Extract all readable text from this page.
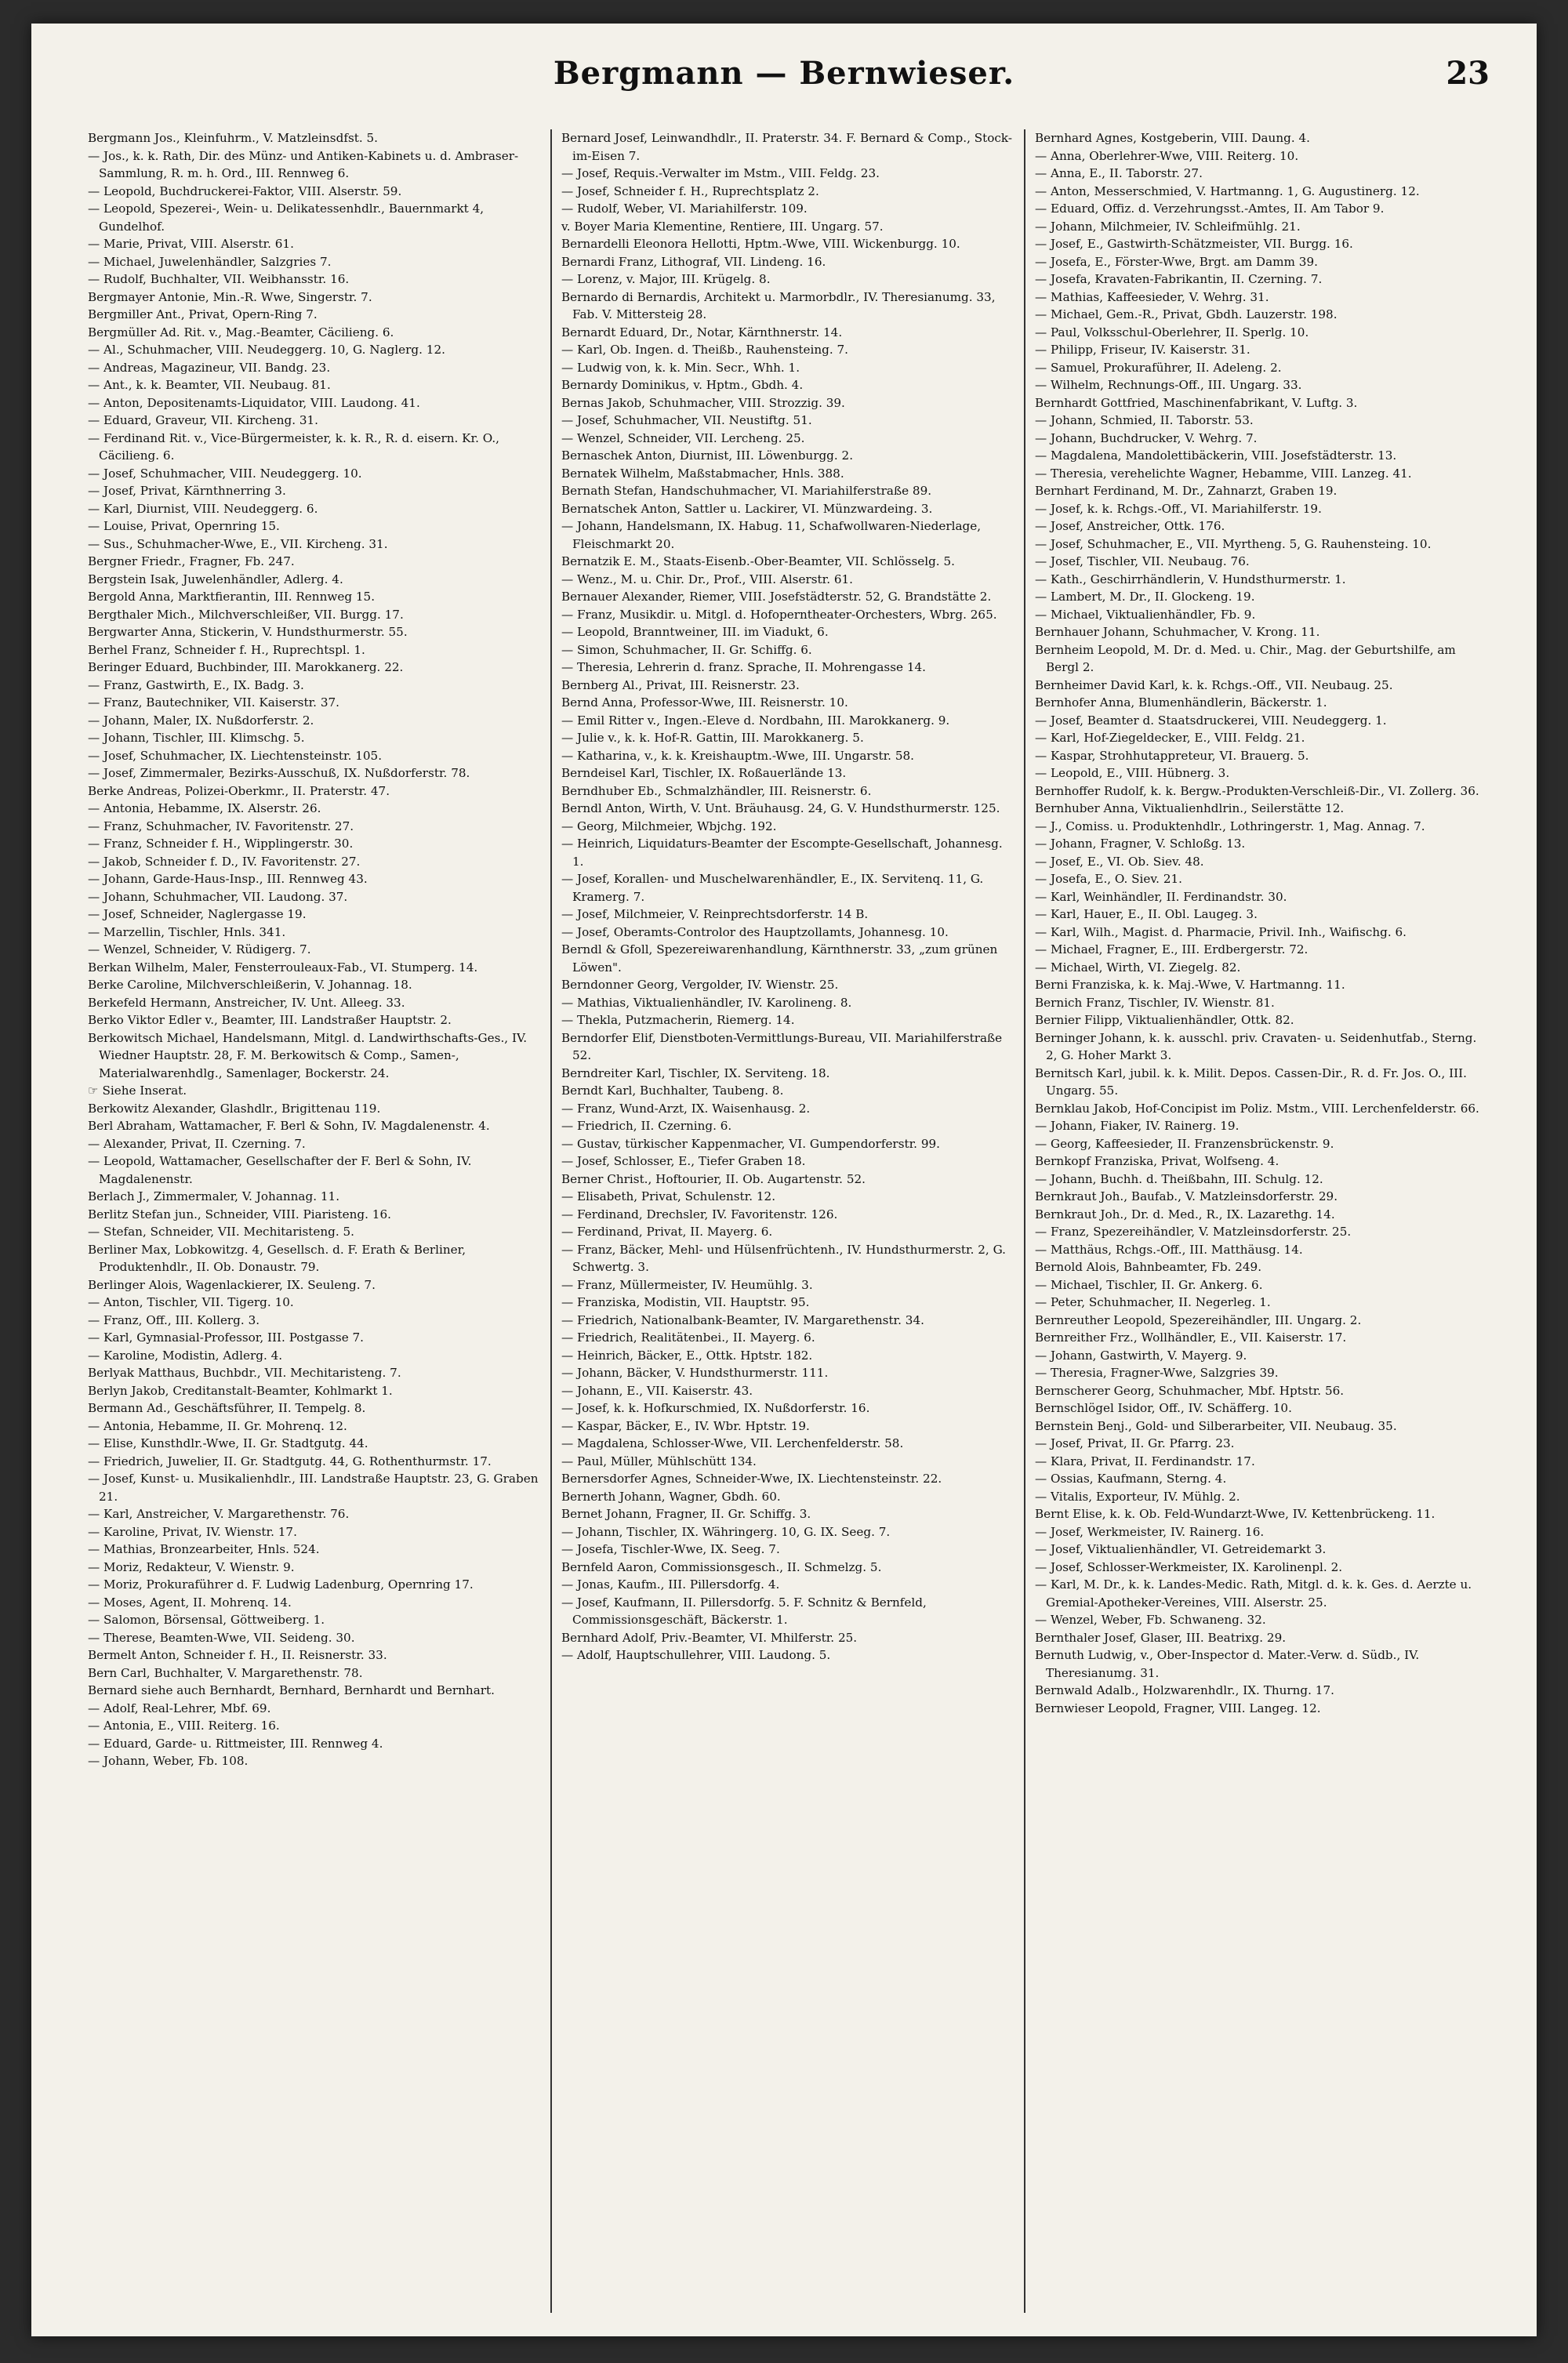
Bergmann — Bernwieser.	23
Bergmann Jos., Kleinfuhrm., V. Matzleinsdfst. 5.
— Jos., k. k. Rath, Dir. des Münz- und Antiken-Kabinets u. d. Ambraser-Sammlung, R. m. h. Ord., III. Rennweg 6.
— Leopold, Buchdruckerei-Faktor, VIII. Alserstr. 59.
— Leopold, Spezerei-, Wein- u. Delikatessenhdlr., Bauernmarkt 4, Gundelhof.
— Marie, Privat, VIII. Alserstr. 61.
— Michael, Juwelenhändler, Salzgries 7.
— Rudolf, Buchhalter, VII. Weibhansstr. 16.
Bergmayer Antonie, Min.-R. Wwe, Singerstr. 7.
Bergmiller Ant., Privat, Opern-Ring 7.
Bergmüller Ad. Rit. v., Mag.-Beamter, Cäcilieng. 6.
— Al., Schuhmacher, VIII. Neudeggerg. 10, G. Naglerg. 12.
— Andreas, Magazineur, VII. Bandg. 23.
— Ant., k. k. Beamter, VII. Neubaug. 81.
— Anton, Depositenamts-Liquidator, VIII. Laudong. 41.
— Eduard, Graveur, VII. Kircheng. 31.
— Ferdinand Rit. v., Vice-Bürgermeister, k. k. R., R. d. eisern. Kr. O., Cäcilieng. 6.
— Josef, Schuhmacher, VIII. Neudeggerg. 10.
— Josef, Privat, Kärnthnerring 3.
— Karl, Diurnist, VIII. Neudeggerg. 6.
— Louise, Privat, Opernring 15.
— Sus., Schuhmacher-Wwe, E., VII. Kircheng. 31.
Bergner Friedr., Fragner, Fb. 247.
Bergstein Isak, Juwelenhändler, Adlerg. 4.
Bergold Anna, Marktfierantin, III. Rennweg 15.
Bergthaler Mich., Milchverschleißer, VII. Burgg. 17.
Bergwarter Anna, Stickerin, V. Hundsthurmerstr. 55.
Berhel Franz, Schneider f. H., Ruprechtspl. 1.
Beringer Eduard, Buchbinder, III. Marokkanerg. 22.
— Franz, Gastwirth, E., IX. Badg. 3.
— Franz, Bautechniker, VII. Kaiserstr. 37.
— Johann, Maler, IX. Nußdorferstr. 2.
— Johann, Tischler, III. Klimschg. 5.
— Josef, Schuhmacher, IX. Liechtensteinstr. 105.
— Josef, Zimmermaler, Bezirks-Ausschuß, IX. Nußdorferstr. 78.
Berke Andreas, Polizei-Oberkmr., II. Praterstr. 47.
— Antonia, Hebamme, IX. Alserstr. 26.
— Franz, Schuhmacher, IV. Favoritenstr. 27.
— Franz, Schneider f. H., Wipplingerstr. 30.
— Jakob, Schneider f. D., IV. Favoritenstr. 27.
— Johann, Garde-Haus-Insp., III. Rennweg 43.
— Johann, Schuhmacher, VII. Laudong. 37.
— Josef, Schneider, Naglergasse 19.
— Marzellin, Tischler, Hnls. 341.
— Wenzel, Schneider, V. Rüdigerg. 7.
Berkan Wilhelm, Maler, Fensterrouleaux-Fab., VI. Stumperg. 14.
Berke Caroline, Milchverschleißerin, V. Johannag. 18.
Berkefeld Hermann, Anstreicher, IV. Unt. Alleeg. 33.
Berko Viktor Edler v., Beamter, III. Landstraßer Hauptstr. 2.
Berkowitsch Michael, Handelsmann, Mitgl. d. Landwirthschafts-Ges., IV. Wiedner Hauptstr. 28, F. M. Berkowitsch & Comp., Samen-, Materialwarenhdlg., Samenlager, Bockerstr. 24.
☞ Siehe Inserat.
Berkowitz Alexander, Glashdlr., Brigittenau 119.
Berl Abraham, Wattamacher, F. Berl & Sohn, IV. Magdalenenstr. 4.
— Alexander, Privat, II. Czerning. 7.
— Leopold, Wattamacher, Gesellschafter der F. Berl & Sohn, IV. Magdalenenstr.
Berlach J., Zimmermaler, V. Johannag. 11.
Berlitz Stefan jun., Schneider, VIII. Piaristeng. 16.
— Stefan, Schneider, VII. Mechitaristeng. 5.
Berliner Max, Lobkowitzg. 4, Gesellsch. d. F. Erath & Berliner, Produktenhdlr., II. Ob. Donaustr. 79.
Berlinger Alois, Wagenlackierer, IX. Seuleng. 7.
— Anton, Tischler, VII. Tigerg. 10.
— Franz, Off., III. Kollerg. 3.
— Karl, Gymnasial-Professor, III. Postgasse 7.
— Karoline, Modistin, Adlerg. 4.
Berlyak Matthaus, Buchbdr., VII. Mechitaristeng. 7.
Berlyn Jakob, Creditanstalt-Beamter, Kohlmarkt 1.
Bermann Ad., Geschäftsführer, II. Tempelg. 8.
— Antonia, Hebamme, II. Gr. Mohrenq. 12.
— Elise, Kunsthdlr.-Wwe, II. Gr. Stadtgutg. 44.
— Friedrich, Juwelier, II. Gr. Stadtgutg. 44, G. Rothenthurmstr. 17.
— Josef, Kunst- u. Musikalienhdlr., III. Landstraße Hauptstr. 23, G. Graben 21.
— Karl, Anstreicher, V. Margarethenstr. 76.
— Karoline, Privat, IV. Wienstr. 17.
— Mathias, Bronzearbeiter, Hnls. 524.
— Moriz, Redakteur, V. Wienstr. 9.
— Moriz, Prokuraführer d. F. Ludwig Ladenburg, Opernring 17.
— Moses, Agent, II. Mohrenq. 14.
— Salomon, Börsensal, Göttweiberg. 1.
— Therese, Beamten-Wwe, VII. Seideng. 30.
Bermelt Anton, Schneider f. H., II. Reisnerstr. 33.
Bern Carl, Buchhalter, V. Margarethenstr. 78.
Bernard siehe auch Bernhardt, Bernhard, Bernhardt und Bernhart.
— Adolf, Real-Lehrer, Mbf. 69.
— Antonia, E., VIII. Reiterg. 16.
— Eduard, Garde- u. Rittmeister, III. Rennweg 4.
— Johann, Weber, Fb. 108.
Bernard Josef, Leinwandhdlr., II. Praterstr. 34. F. Bernard & Comp., Stock-im-Eisen 7.
— Josef, Requis.-Verwalter im Mstm., VIII. Feldg. 23.
— Josef, Schneider f. H., Ruprechtsplatz 2.
— Rudolf, Weber, VI. Mariahilferstr. 109.
v. Boyer Maria Klementine, Rentiere, III. Ungarg. 57.
Bernardelli Eleonora Hellotti, Hptm.-Wwe, VIII. Wickenburgg. 10.
Bernardi Franz, Lithograf, VII. Lindeng. 16.
— Lorenz, v. Major, III. Krügelg. 8.
Bernardo di Bernardis, Architekt u. Marmorbdlr., IV. Theresianumg. 33, Fab. V. Mittersteig 28.
Bernardt Eduard, Dr., Notar, Kärnthnerstr. 14.
— Karl, Ob. Ingen. d. Theißb., Rauhensteing. 7.
— Ludwig von, k. k. Min. Secr., Whh. 1.
Bernardy Dominikus, v. Hptm., Gbdh. 4.
Bernas Jakob, Schuhmacher, VIII. Strozzig. 39.
— Josef, Schuhmacher, VII. Neustiftg. 51.
— Wenzel, Schneider, VII. Lercheng. 25.
Bernaschek Anton, Diurnist, III. Löwenburgg. 2.
Bernatek Wilhelm, Maßstabmacher, Hnls. 388.
Bernath Stefan, Handschuhmacher, VI. Mariahilferstraße 89.
Bernatschek Anton, Sattler u. Lackirer, VI. Münzwardeing. 3.
— Johann, Handelsmann, IX. Habug. 11, Schafwollwaren-Niederlage, Fleischmarkt 20.
Bernatzik E. M., Staats-Eisenb.-Ober-Beamter, VII. Schlösselg. 5.
— Wenz., M. u. Chir. Dr., Prof., VIII. Alserstr. 61.
Bernauer Alexander, Riemer, VIII. Josefstädterstr. 52, G. Brandstätte 2.
— Franz, Musikdir. u. Mitgl. d. Hofoperntheater-Orchesters, Wbrg. 265.
— Leopold, Branntweiner, III. im Viadukt, 6.
— Simon, Schuhmacher, II. Gr. Schiffg. 6.
— Theresia, Lehrerin d. franz. Sprache, II. Mohrengasse 14.
Bernberg Al., Privat, III. Reisnerstr. 23.
Bernd Anna, Professor-Wwe, III. Reisnerstr. 10.
— Emil Ritter v., Ingen.-Eleve d. Nordbahn, III. Marokkanerg. 9.
— Julie v., k. k. Hof-R. Gattin, III. Marokkanerg. 5.
— Katharina, v., k. k. Kreishauptm.-Wwe, III. Ungarstr. 58.
Berndeisel Karl, Tischler, IX. Roßauerlände 13.
Berndhuber Eb., Schmalzhändler, III. Reisnerstr. 6.
Berndl Anton, Wirth, V. Unt. Bräuhausg. 24, G. V. Hundsthurmerstr. 125.
— Georg, Milchmeier, Wbjchg. 192.
— Heinrich, Liquidaturs-Beamter der Escompte-Gesellschaft, Johannesg. 1.
— Josef, Korallen- und Muschelwarenhändler, E., IX. Servitenq. 11, G. Kramerg. 7.
— Josef, Milchmeier, V. Reinprechtsdorferstr. 14 B.
— Josef, Oberamts-Controlor des Hauptzollamts, Johannesg. 10.
Berndl & Gfoll, Spezereiwarenhandlung, Kärnthnerstr. 33, „zum grünen Löwen".
Berndonner Georg, Vergolder, IV. Wienstr. 25.
— Mathias, Viktualienhändler, IV. Karolineng. 8.
— Thekla, Putzmacherin, Riemerg. 14.
Berndorfer Elif, Dienstboten-Vermittlungs-Bureau, VII. Mariahilferstraße 52.
Berndreiter Karl, Tischler, IX. Serviteng. 18.
Berndt Karl, Buchhalter, Taubeng. 8.
— Franz, Wund-Arzt, IX. Waisenhausg. 2.
— Friedrich, II. Czerning. 6.
— Gustav, türkischer Kappenmacher, VI. Gumpendorferstr. 99.
— Josef, Schlosser, E., Tiefer Graben 18.
Berner Christ., Hoftourier, II. Ob. Augartenstr. 52.
— Elisabeth, Privat, Schulenstr. 12.
— Ferdinand, Drechsler, IV. Favoritenstr. 126.
— Ferdinand, Privat, II. Mayerg. 6.
— Franz, Bäcker, Mehl- und Hülsenfrüchtenh., IV. Hundsthurmerstr. 2, G. Schwertg. 3.
— Franz, Müllermeister, IV. Heumühlg. 3.
— Franziska, Modistin, VII. Hauptstr. 95.
— Friedrich, Nationalbank-Beamter, IV. Margarethenstr. 34.
— Friedrich, Realitätenbei., II. Mayerg. 6.
— Heinrich, Bäcker, E., Ottk. Hptstr. 182.
— Johann, Bäcker, V. Hundsthurmerstr. 111.
— Johann, E., VII. Kaiserstr. 43.
— Josef, k. k. Hofkurschmied, IX. Nußdorferstr. 16.
— Kaspar, Bäcker, E., IV. Wbr. Hptstr. 19.
— Magdalena, Schlosser-Wwe, VII. Lerchenfelderstr. 58.
— Paul, Müller, Mühlschütt 134.
Bernersdorfer Agnes, Schneider-Wwe, IX. Liechtensteinstr. 22.
Bernerth Johann, Wagner, Gbdh. 60.
Bernet Johann, Fragner, II. Gr. Schiffg. 3.
— Johann, Tischler, IX. Währingerg. 10, G. IX. Seeg. 7.
— Josefa, Tischler-Wwe, IX. Seeg. 7.
Bernfeld Aaron, Commissionsgesch., II. Schmelzg. 5.
— Jonas, Kaufm., III. Pillersdorfg. 4.
— Josef, Kaufmann, II. Pillersdorfg. 5. F. Schnitz & Bernfeld, Commissionsgeschäft, Bäckerstr. 1.
Bernhard Adolf, Priv.-Beamter, VI. Mhilferstr. 25.
— Adolf, Hauptschullehrer, VIII. Laudong. 5.
Bernhard Agnes, Kostgeberin, VIII. Daung. 4.
— Anna, Oberlehrer-Wwe, VIII. Reiterg. 10.
— Anna, E., II. Taborstr. 27.
— Anton, Messerschmied, V. Hartmanng. 1, G. Augustinerg. 12.
— Eduard, Offiz. d. Verzehrungsst.-Amtes, II. Am Tabor 9.
— Johann, Milchmeier, IV. Schleifmühlg. 21.
— Josef, E., Gastwirth-Schätzmeister, VII. Burgg. 16.
— Josefa, E., Förster-Wwe, Brgt. am Damm 39.
— Josefa, Kravaten-Fabrikantin, II. Czerning. 7.
— Mathias, Kaffeesieder, V. Wehrg. 31.
— Michael, Gem.-R., Privat, Gbdh. Lauzerstr. 198.
— Paul, Volksschul-Oberlehrer, II. Sperlg. 10.
— Philipp, Friseur, IV. Kaiserstr. 31.
— Samuel, Prokuraführer, II. Adeleng. 2.
— Wilhelm, Rechnungs-Off., III. Ungarg. 33.
Bernhardt Gottfried, Maschinenfabrikant, V. Luftg. 3.
— Johann, Schmied, II. Taborstr. 53.
— Johann, Buchdrucker, V. Wehrg. 7.
— Magdalena, Mandolettibäckerin, VIII. Josefstädterstr. 13.
— Theresia, verehelichte Wagner, Hebamme, VIII. Lanzeg. 41.
Bernhart Ferdinand, M. Dr., Zahnarzt, Graben 19.
— Josef, k. k. Rchgs.-Off., VI. Mariahilferstr. 19.
— Josef, Anstreicher, Ottk. 176.
— Josef, Schuhmacher, E., VII. Myrtheng. 5, G. Rauhensteing. 10.
— Josef, Tischler, VII. Neubaug. 76.
— Kath., Geschirrhändlerin, V. Hundsthurmerstr. 1.
— Lambert, M. Dr., II. Glockeng. 19.
— Michael, Viktualienhändler, Fb. 9.
Bernhauer Johann, Schuhmacher, V. Krong. 11.
Bernheim Leopold, M. Dr. d. Med. u. Chir., Mag. der Geburtshilfe, am Bergl 2.
Bernheimer David Karl, k. k. Rchgs.-Off., VII. Neubaug. 25.
Bernhofer Anna, Blumenhändlerin, Bäckerstr. 1.
— Josef, Beamter d. Staatsdruckerei, VIII. Neudeggerg. 1.
— Karl, Hof-Ziegeldecker, E., VIII. Feldg. 21.
— Kaspar, Strohhutappreteur, VI. Brauerg. 5.
— Leopold, E., VIII. Hübnerg. 3.
Bernhoffer Rudolf, k. k. Bergw.-Produkten-Verschleiß-Dir., VI. Zollerg. 36.
Bernhuber Anna, Viktualienhdlrin., Seilerstätte 12.
— J., Comiss. u. Produktenhdlr., Lothringerstr. 1, Mag. Annag. 7.
— Johann, Fragner, V. Schloßg. 13.
— Josef, E., VI. Ob. Siev. 48.
— Josefa, E., O. Siev. 21.
— Karl, Weinhändler, II. Ferdinandstr. 30.
— Karl, Hauer, E., II. Obl. Laugeg. 3.
— Karl, Wilh., Magist. d. Pharmacie, Privil. Inh., Waifischg. 6.
— Michael, Fragner, E., III. Erdbergerstr. 72.
— Michael, Wirth, VI. Ziegelg. 82.
Berni Franziska, k. k. Maj.-Wwe, V. Hartmanng. 11.
Bernich Franz, Tischler, IV. Wienstr. 81.
Bernier Filipp, Viktualienhändler, Ottk. 82.
Berninger Johann, k. k. ausschl. priv. Cravaten- u. Seidenhutfab., Sterng. 2, G. Hoher Markt 3.
Bernitsch Karl, jubil. k. k. Milit. Depos. Cassen-Dir., R. d. Fr. Jos. O., III. Ungarg. 55.
Bernklau Jakob, Hof-Concipist im Poliz. Mstm., VIII. Lerchenfelderstr. 66.
— Johann, Fiaker, IV. Rainerg. 19.
— Georg, Kaffeesieder, II. Franzensbrückenstr. 9.
Bernkopf Franziska, Privat, Wolfseng. 4.
— Johann, Buchh. d. Theißbahn, III. Schulg. 12.
Bernkraut Joh., Baufab., V. Matzleinsdorferstr. 29.
Bernkraut Joh., Dr. d. Med., R., IX. Lazarethg. 14.
— Franz, Spezereihändler, V. Matzleinsdorferstr. 25.
— Matthäus, Rchgs.-Off., III. Matthäusg. 14.
Bernold Alois, Bahnbeamter, Fb. 249.
— Michael, Tischler, II. Gr. Ankerg. 6.
— Peter, Schuhmacher, II. Negerleg. 1.
Bernreuther Leopold, Spezereihändler, III. Ungarg. 2.
Bernreither Frz., Wollhändler, E., VII. Kaiserstr. 17.
— Johann, Gastwirth, V. Mayerg. 9.
— Theresia, Fragner-Wwe, Salzgries 39.
Bernscherer Georg, Schuhmacher, Mbf. Hptstr. 56.
Bernschlögel Isidor, Off., IV. Schäfferg. 10.
Bernstein Benj., Gold- und Silberarbeiter, VII. Neubaug. 35.
— Josef, Privat, II. Gr. Pfarrg. 23.
— Klara, Privat, II. Ferdinandstr. 17.
— Ossias, Kaufmann, Sterng. 4.
— Vitalis, Exporteur, IV. Mühlg. 2.
Bernt Elise, k. k. Ob. Feld-Wundarzt-Wwe, IV. Kettenbrückeng. 11.
— Josef, Werkmeister, IV. Rainerg. 16.
— Josef, Viktualienhändler, VI. Getreidemarkt 3.
— Josef, Schlosser-Werkmeister, IX. Karolinenpl. 2.
— Karl, M. Dr., k. k. Landes-Medic. Rath, Mitgl. d. k. k. Ges. d. Aerzte u. Gremial-Apotheker-Vereines, VIII. Alserstr. 25.
— Wenzel, Weber, Fb. Schwaneng. 32.
Bernthaler Josef, Glaser, III. Beatrixg. 29.
Bernuth Ludwig, v., Ober-Inspector d. Mater.-Verw. d. Südb., IV. Theresianumg. 31.
Bernwald Adalb., Holzwarenhdlr., IX. Thurng. 17.
Bernwieser Leopold, Fragner, VIII. Langeg. 12.
